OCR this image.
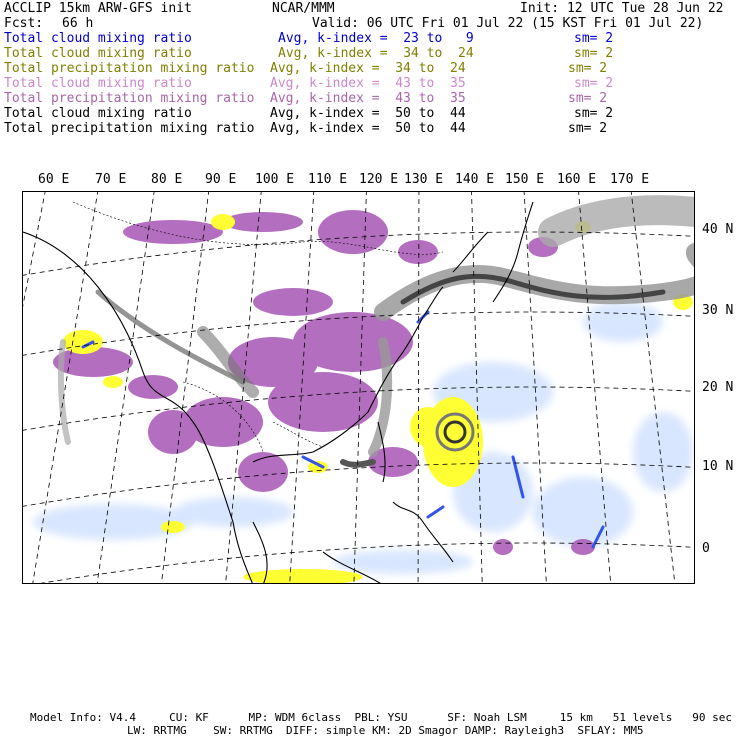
ACCLIP 15km ARW-GFS init	NCAR/MMM	Init: 12 UTC Tue 28 Jun 22
Fcst: 66 h	Valid: 06 UTC Fri 01 Jul 22 (15 KST Fri 01 Jul 22)
Total cloud mixing ratio	Avg, k-index =  23 to   9	sm= 2
Total cloud mixing ratio	Avg, k-index =  34 to  24	sm= 2
Total precipitation mixing ratio Avg, k-index =  34 to  24	sm= 2
Total cloud mixing ratio	Avg, k-index =  43 to  35	sm= 2
Total precipitation mixing ratio Avg, k-index =  43 to  35	sm= 2
Total cloud mixing ratio	Avg, k-index =  50 to  44	sm= 2
Total precipitation mixing ratio Avg, k-index =  50 to  44	sm= 2
60 E 70 E 80 E 90 E 100 E 110 E 120 E 130 E 140 E 150 E 160 E 170 E
40 N
30 N
20 N
10 N
0
Model Info: V4.4     CU: KF      MP: WDM 6class  PBL: YSU      SF: Noah LSM     15 km   51 levels   90 sec
LW: RRTMG    SW: RRTMG  DIFF: simple KM: 2D Smagor DAMP: Rayleigh3  SFLAY: MM5
